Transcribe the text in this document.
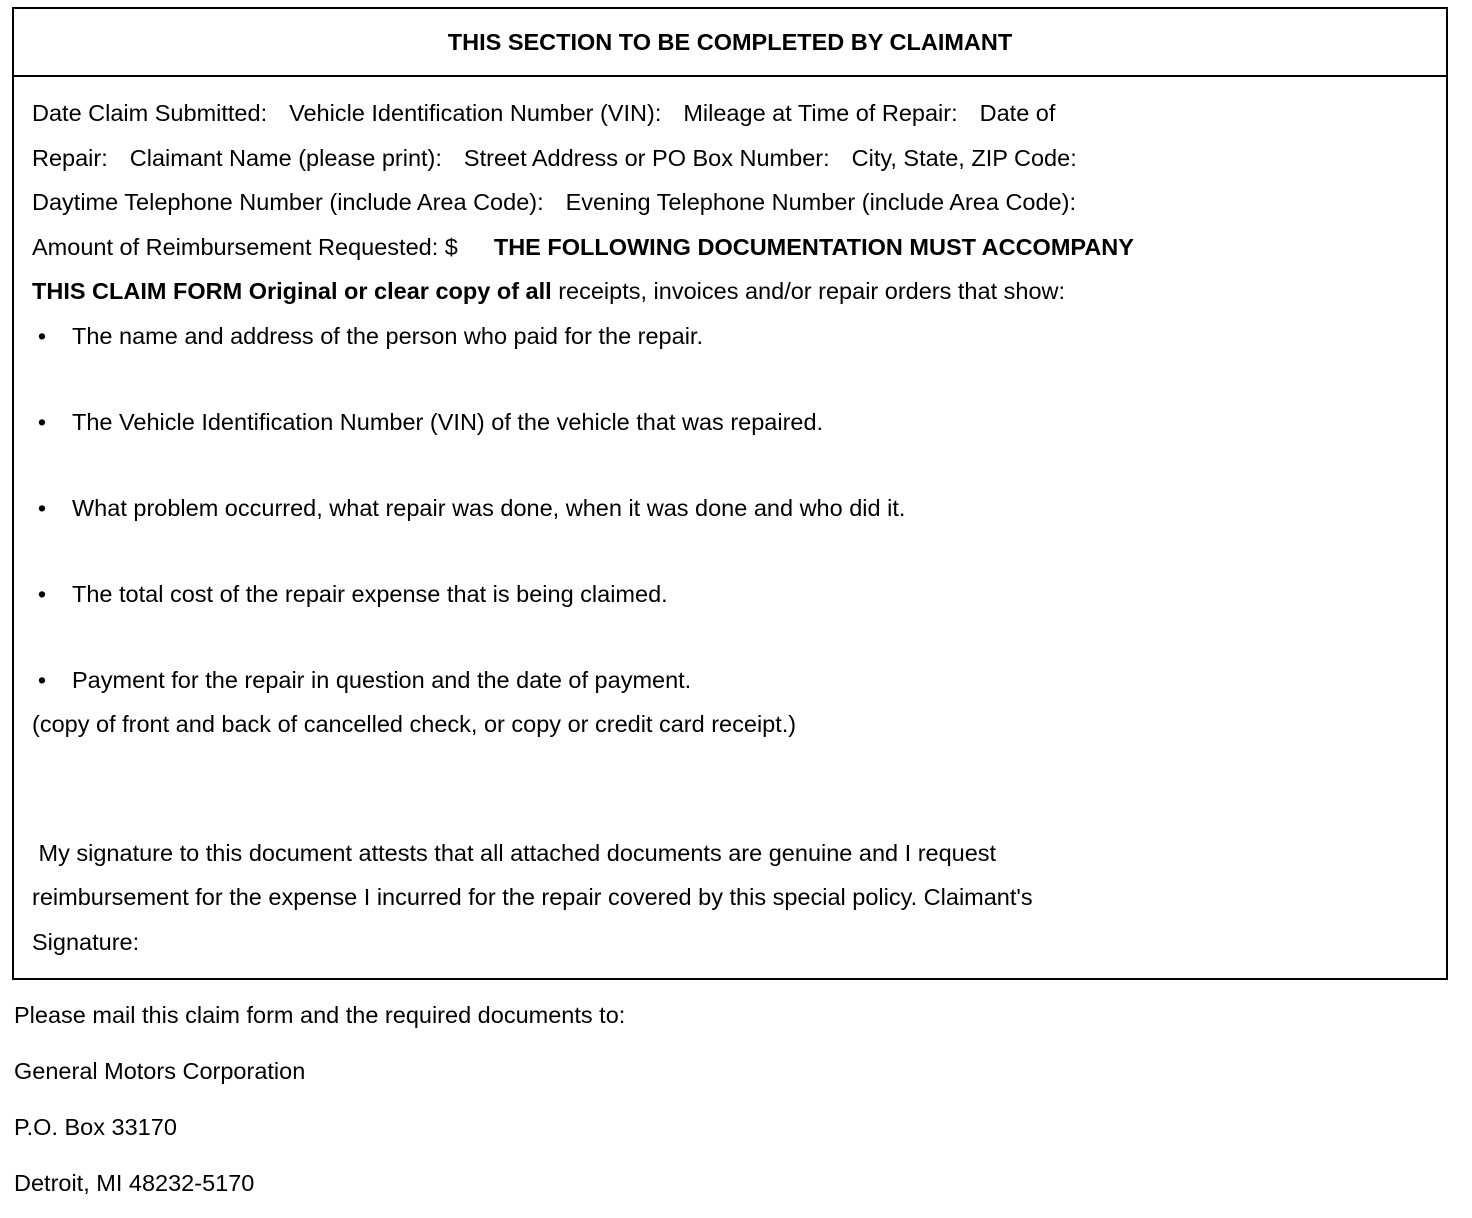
THIS SECTION TO BE COMPLETED BY CLAIMANT
Date Claim Submitted: Vehicle Identification Number (VIN): Mileage at Time of Repair: Date of
Repair: Claimant Name (please print): Street Address or PO Box Number: City, State, ZIP Code:
Daytime Telephone Number (include Area Code): Evening Telephone Number (include Area Code):
Amount of Reimbursement Requested: $ THE FOLLOWING DOCUMENTATION MUST ACCOMPANY
THIS CLAIM FORM Original or clear copy of all receipts, invoices and/or repair orders that show:
• The name and address of the person who paid for the repair.
• The Vehicle Identification Number (VIN) of the vehicle that was repaired.
• What problem occurred, what repair was done, when it was done and who did it.
• The total cost of the repair expense that is being claimed.
• Payment for the repair in question and the date of payment.
(copy of front and back of cancelled check, or copy or credit card receipt.)
My signature to this document attests that all attached documents are genuine and I request
reimbursement for the expense I incurred for the repair covered by this special policy. Claimant's
Signature:
Please mail this claim form and the required documents to:
General Motors Corporation
P.O. Box 33170
Detroit, MI 48232-5170
